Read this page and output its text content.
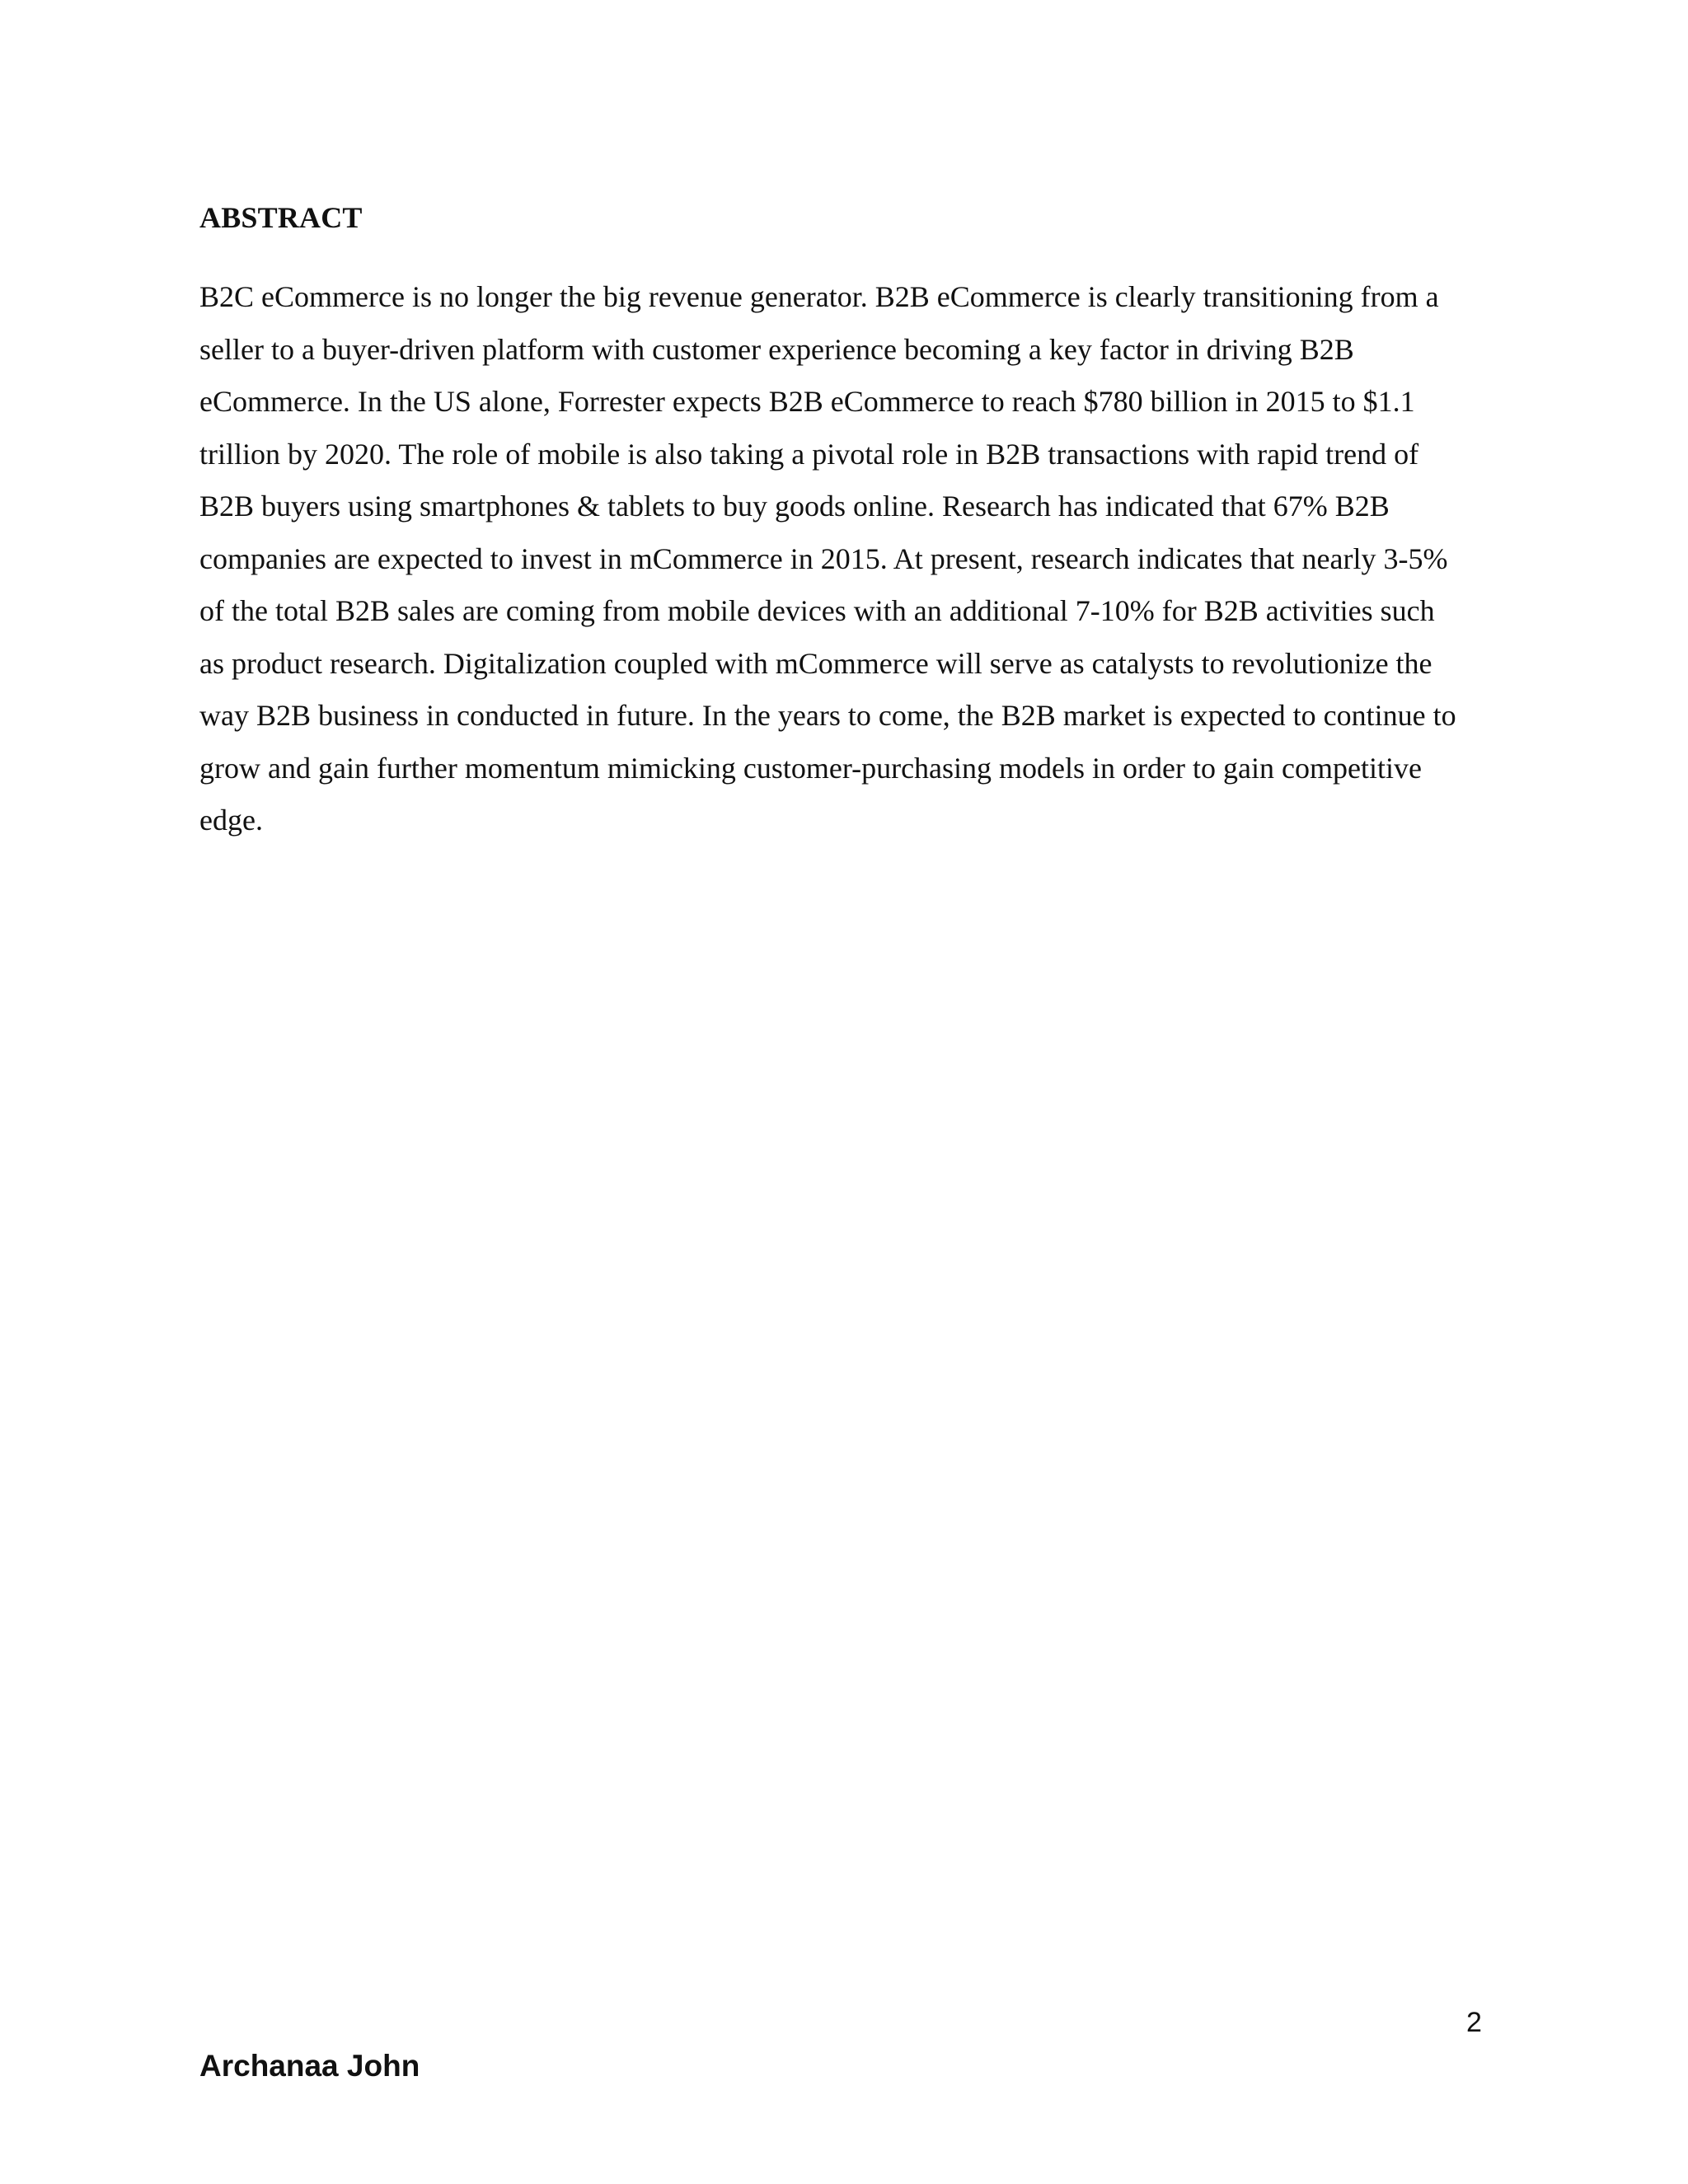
ABSTRACT

B2C eCommerce is no longer the big revenue generator. B2B eCommerce is clearly transitioning from a
seller to a buyer-driven platform with customer experience becoming a key factor in driving B2B
eCommerce. In the US alone, Forrester expects B2B eCommerce to reach $780 billion in 2015 to $1.1
trillion by 2020. The role of mobile is also taking a pivotal role in B2B transactions with rapid trend of
B2B buyers using smartphones & tablets to buy goods online. Research has indicated that 67% B2B
companies are expected to invest in mCommerce in 2015. At present, research indicates that nearly 3-5%
of the total B2B sales are coming from mobile devices with an additional 7-10% for B2B activities such
as product research. Digitalization coupled with mCommerce will serve as catalysts to revolutionize the
way B2B business in conducted in future. In the years to come, the B2B market is expected to continue to
grow and gain further momentum mimicking customer-purchasing models in order to gain competitive
edge.

2
Archanaa John
